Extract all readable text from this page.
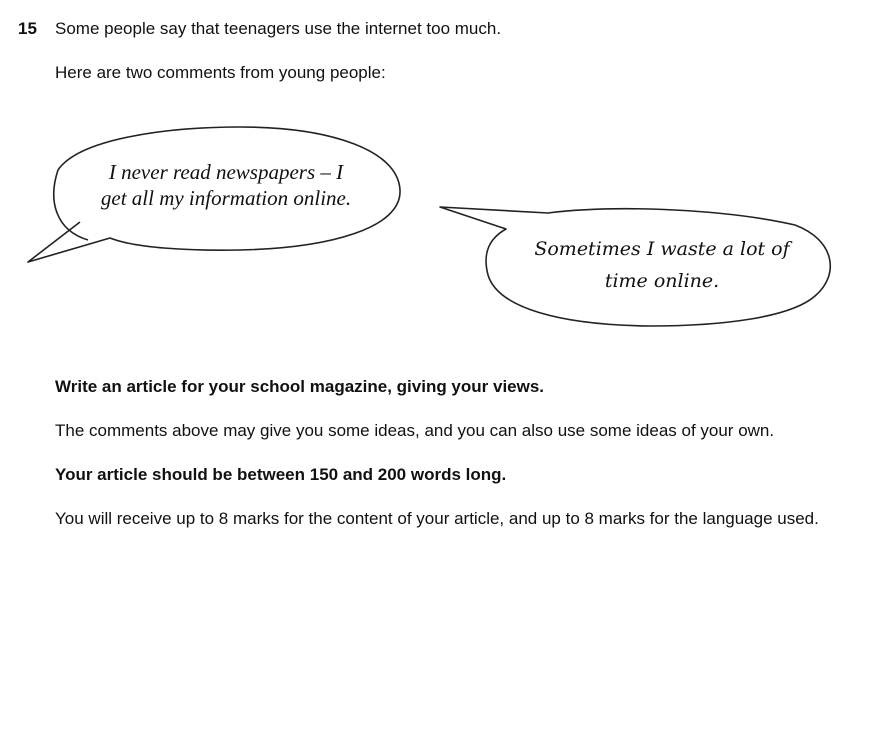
15 Some people say that teenagers use the internet too much.
Here are two comments from young people:
I never read newspapers – I
get all my information online.
Sometimes I waste a lot of
time online.
Write an article for your school magazine, giving your views.
The comments above may give you some ideas, and you can also use some ideas of your own.
Your article should be between 150 and 200 words long.
You will receive up to 8 marks for the content of your article, and up to 8 marks for the language used.
